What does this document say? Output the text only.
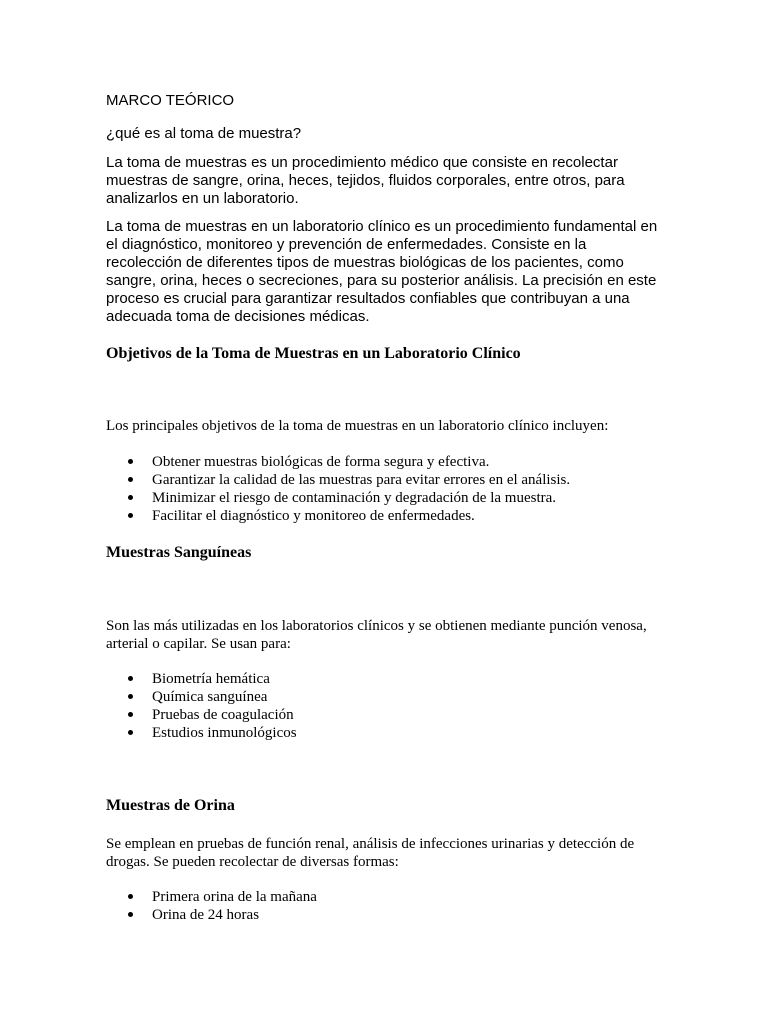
MARCO TEÓRICO

¿qué es al toma de muestra?

La toma de muestras es un procedimiento médico que consiste en recolectar muestras de sangre, orina, heces, tejidos, fluidos corporales, entre otros, para analizarlos en un laboratorio.

La toma de muestras en un laboratorio clínico es un procedimiento fundamental en el diagnóstico, monitoreo y prevención de enfermedades. Consiste en la recolección de diferentes tipos de muestras biológicas de los pacientes, como sangre, orina, heces o secreciones, para su posterior análisis. La precisión en este proceso es crucial para garantizar resultados confiables que contribuyan a una adecuada toma de decisiones médicas.

Objetivos de la Toma de Muestras en un Laboratorio Clínico

Los principales objetivos de la toma de muestras en un laboratorio clínico incluyen:

Obtener muestras biológicas de forma segura y efectiva.
Garantizar la calidad de las muestras para evitar errores en el análisis.
Minimizar el riesgo de contaminación y degradación de la muestra.
Facilitar el diagnóstico y monitoreo de enfermedades.
Muestras Sanguíneas

Son las más utilizadas en los laboratorios clínicos y se obtienen mediante punción venosa, arterial o capilar. Se usan para:

Biometría hemática
Química sanguínea
Pruebas de coagulación
Estudios inmunológicos
Muestras de Orina

Se emplean en pruebas de función renal, análisis de infecciones urinarias y detección de drogas. Se pueden recolectar de diversas formas:

Primera orina de la mañana
Orina de 24 horas
